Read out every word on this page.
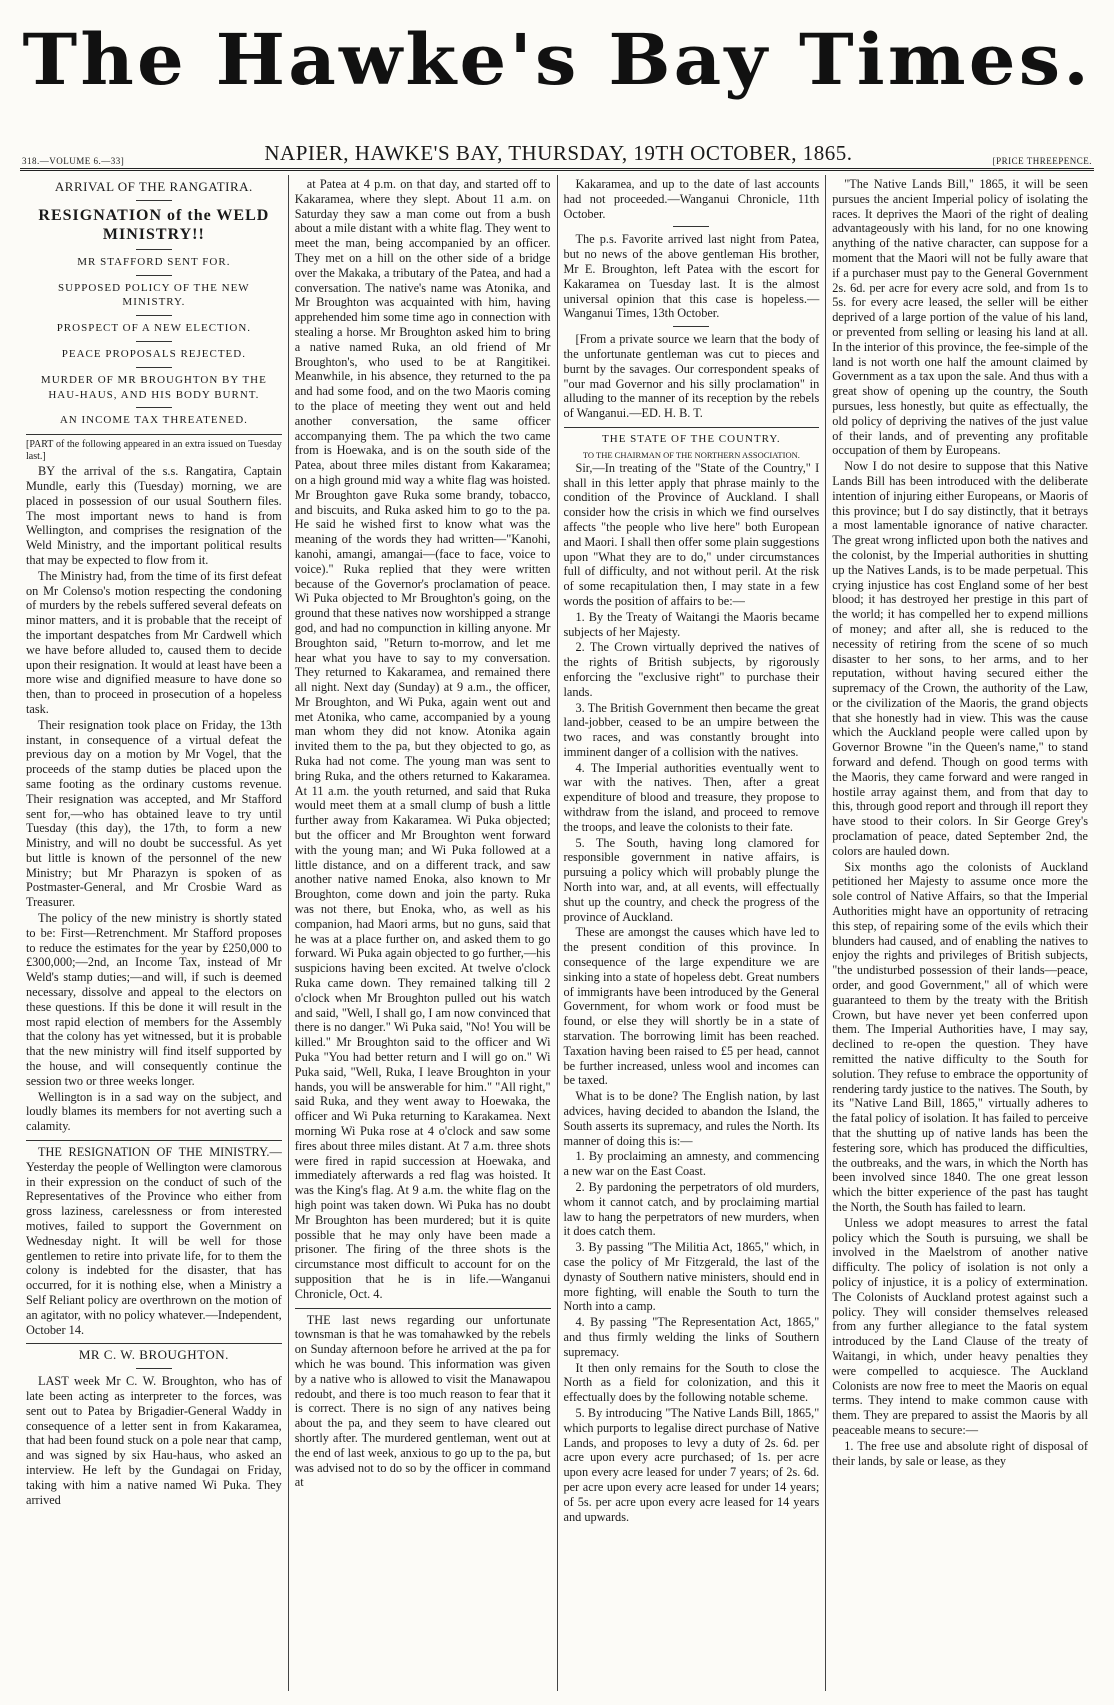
The Hawke's Bay Times.
318.—VOLUME 6.—33]	NAPIER, HAWKE'S BAY, THURSDAY, 19TH OCTOBER, 1865.	[PRICE THREEPENCE.

ARRIVAL OF THE RANGATIRA.

RESIGNATION of the WELD MINISTRY!!

MR STAFFORD SENT FOR.

SUPPOSED POLICY OF THE NEW MINISTRY.

PROSPECT OF A NEW ELECTION.

PEACE PROPOSALS REJECTED.

MURDER OF MR BROUGHTON BY THE HAU-HAUS, AND HIS BODY BURNT.

AN INCOME TAX THREATENED.

[PART of the following appeared in an extra issued on Tuesday last.]

BY the arrival of the s.s. Rangatira, Captain Mundle, early this (Tuesday) morning, we are placed in possession of our usual Southern files. The most important news to hand is from Wellington, and comprises the resignation of the Weld Ministry, and the important political results that may be expected to flow from it.

The Ministry had, from the time of its first defeat on Mr Colenso's motion respecting the condoning of murders by the rebels suffered several defeats on minor matters, and it is probable that the receipt of the important despatches from Mr Cardwell which we have before alluded to, caused them to decide upon their resignation. It would at least have been a more wise and dignified measure to have done so then, than to proceed in prosecution of a hopeless task.

Their resignation took place on Friday, the 13th instant, in consequence of a virtual defeat the previous day on a motion by Mr Vogel, that the proceeds of the stamp duties be placed upon the same footing as the ordinary customs revenue. Their resignation was accepted, and Mr Stafford sent for,—who has obtained leave to try until Tuesday (this day), the 17th, to form a new Ministry, and will no doubt be successful. As yet but little is known of the personnel of the new Ministry; but Mr Pharazyn is spoken of as Postmaster-General, and Mr Crosbie Ward as Treasurer.

The policy of the new ministry is shortly stated to be: First—Retrenchment. Mr Stafford proposes to reduce the estimates for the year by £250,000 to £300,000;—2nd, an Income Tax, instead of Mr Weld's stamp duties;—and will, if such is deemed necessary, dissolve and appeal to the electors on these questions. If this be done it will result in the most rapid election of members for the Assembly that the colony has yet witnessed, but it is probable that the new ministry will find itself supported by the house, and will consequently continue the session two or three weeks longer.

Wellington is in a sad way on the subject, and loudly blames its members for not averting such a calamity.

THE RESIGNATION OF THE MINISTRY.—Yesterday the people of Wellington were clamorous in their expression on the conduct of such of the Representatives of the Province who either from gross laziness, carelessness or from interested motives, failed to support the Government on Wednesday night. It will be well for those gentlemen to retire into private life, for to them the colony is indebted for the disaster, that has occurred, for it is nothing else, when a Ministry a Self Reliant policy are overthrown on the motion of an agitator, with no policy whatever.—Independent, October 14.

MR C. W. BROUGHTON.

LAST week Mr C. W. Broughton, who has of late been acting as interpreter to the forces, was sent out to Patea by Brigadier-General Waddy in consequence of a letter sent in from Kakaramea, that had been found stuck on a pole near that camp, and was signed by six Hau-haus, who asked an interview. He left by the Gundagai on Friday, taking with him a native named Wi Puka. They arrived

at Patea at 4 p.m. on that day, and started off to Kakaramea, where they slept. About 11 a.m. on Saturday they saw a man come out from a bush about a mile distant with a white flag. They went to meet the man, being accompanied by an officer. They met on a hill on the other side of a bridge over the Makaka, a tributary of the Patea, and had a conversation. The native's name was Atonika, and Mr Broughton was acquainted with him, having apprehended him some time ago in connection with stealing a horse. Mr Broughton asked him to bring a native named Ruka, an old friend of Mr Broughton's, who used to be at Rangitikei. Meanwhile, in his absence, they returned to the pa and had some food, and on the two Maoris coming to the place of meeting they went out and held another conversation, the same officer accompanying them. The pa which the two came from is Hoewaka, and is on the south side of the Patea, about three miles distant from Kakaramea; on a high ground mid way a white flag was hoisted. Mr Broughton gave Ruka some brandy, tobacco, and biscuits, and Ruka asked him to go to the pa. He said he wished first to know what was the meaning of the words they had written—"Kanohi, kanohi, amangi, amangai—(face to face, voice to voice)." Ruka replied that they were written because of the Governor's proclamation of peace. Wi Puka objected to Mr Broughton's going, on the ground that these natives now worshipped a strange god, and had no compunction in killing anyone. Mr Broughton said, "Return to-morrow, and let me hear what you have to say to my conversation. They returned to Kakaramea, and remained there all night. Next day (Sunday) at 9 a.m., the officer, Mr Broughton, and Wi Puka, again went out and met Atonika, who came, accompanied by a young man whom they did not know. Atonika again invited them to the pa, but they objected to go, as Ruka had not come. The young man was sent to bring Ruka, and the others returned to Kakaramea. At 11 a.m. the youth returned, and said that Ruka would meet them at a small clump of bush a little further away from Kakaramea. Wi Puka objected; but the officer and Mr Broughton went forward with the young man; and Wi Puka followed at a little distance, and on a different track, and saw another native named Enoka, also known to Mr Broughton, come down and join the party. Ruka was not there, but Enoka, who, as well as his companion, had Maori arms, but no guns, said that he was at a place further on, and asked them to go forward. Wi Puka again objected to go further,—his suspicions having been excited. At twelve o'clock Ruka came down. They remained talking till 2 o'clock when Mr Broughton pulled out his watch and said, "Well, I shall go, I am now convinced that there is no danger." Wi Puka said, "No! You will be killed." Mr Broughton said to the officer and Wi Puka "You had better return and I will go on." Wi Puka said, "Well, Ruka, I leave Broughton in your hands, you will be answerable for him." "All right," said Ruka, and they went away to Hoewaka, the officer and Wi Puka returning to Karakamea. Next morning Wi Puka rose at 4 o'clock and saw some fires about three miles distant. At 7 a.m. three shots were fired in rapid succession at Hoewaka, and immediately afterwards a red flag was hoisted. It was the King's flag. At 9 a.m. the white flag on the high point was taken down. Wi Puka has no doubt Mr Broughton has been murdered; but it is quite possible that he may only have been made a prisoner. The firing of the three shots is the circumstance most difficult to account for on the supposition that he is in life.—Wanganui Chronicle, Oct. 4.

THE last news regarding our unfortunate townsman is that he was tomahawked by the rebels on Sunday afternoon before he arrived at the pa for which he was bound. This information was given by a native who is allowed to visit the Manawapou redoubt, and there is too much reason to fear that it is correct. There is no sign of any natives being about the pa, and they seem to have cleared out shortly after. The murdered gentleman, went out at the end of last week, anxious to go up to the pa, but was advised not to do so by the officer in command at

Kakaramea, and up to the date of last accounts had not proceeded.—Wanganui Chronicle, 11th October.

The p.s. Favorite arrived last night from Patea, but no news of the above gentleman His brother, Mr E. Broughton, left Patea with the escort for Kakaramea on Tuesday last. It is the almost universal opinion that this case is hopeless.—Wanganui Times, 13th October.

[From a private source we learn that the body of the unfortunate gentleman was cut to pieces and burnt by the savages. Our correspondent speaks of "our mad Governor and his silly proclamation" in alluding to the manner of its reception by the rebels of Wanganui.—ED. H. B. T.

THE STATE OF THE COUNTRY.

TO THE CHAIRMAN OF THE NORTHERN ASSOCIATION.

Sir,—In treating of the "State of the Country," I shall in this letter apply that phrase mainly to the condition of the Province of Auckland. I shall consider how the crisis in which we find ourselves affects "the people who live here" both European and Maori. I shall then offer some plain suggestions upon "What they are to do," under circumstances full of difficulty, and not without peril. At the risk of some recapitulation then, I may state in a few words the position of affairs to be:—

1. By the Treaty of Waitangi the Maoris became subjects of her Majesty.

2. The Crown virtually deprived the natives of the rights of British subjects, by rigorously enforcing the "exclusive right" to purchase their lands.

3. The British Government then became the great land-jobber, ceased to be an umpire between the two races, and was constantly brought into imminent danger of a collision with the natives.

4. The Imperial authorities eventually went to war with the natives. Then, after a great expenditure of blood and treasure, they propose to withdraw from the island, and proceed to remove the troops, and leave the colonists to their fate.

5. The South, having long clamored for responsible government in native affairs, is pursuing a policy which will probably plunge the North into war, and, at all events, will effectually shut up the country, and check the progress of the province of Auckland.

These are amongst the causes which have led to the present condition of this province. In consequence of the large expenditure we are sinking into a state of hopeless debt. Great numbers of immigrants have been introduced by the General Government, for whom work or food must be found, or else they will shortly be in a state of starvation. The borrowing limit has been reached. Taxation having been raised to £5 per head, cannot be further increased, unless wool and incomes can be taxed.

What is to be done? The English nation, by last advices, having decided to abandon the Island, the South asserts its supremacy, and rules the North. Its manner of doing this is:—

1. By proclaiming an amnesty, and commencing a new war on the East Coast.

2. By pardoning the perpetrators of old murders, whom it cannot catch, and by proclaiming martial law to hang the perpetrators of new murders, when it does catch them.

3. By passing "The Militia Act, 1865," which, in case the policy of Mr Fitzgerald, the last of the dynasty of Southern native ministers, should end in more fighting, will enable the South to turn the North into a camp.

4. By passing "The Representation Act, 1865," and thus firmly welding the links of Southern supremacy.

It then only remains for the South to close the North as a field for colonization, and this it effectually does by the following notable scheme.

5. By introducing "The Native Lands Bill, 1865," which purports to legalise direct purchase of Native Lands, and proposes to levy a duty of 2s. 6d. per acre upon every acre purchased; of 1s. per acre upon every acre leased for under 7 years; of 2s. 6d. per acre upon every acre leased for under 14 years; of 5s. per acre upon every acre leased for 14 years and upwards.

"The Native Lands Bill," 1865, it will be seen pursues the ancient Imperial policy of isolating the races. It deprives the Maori of the right of dealing advantageously with his land, for no one knowing anything of the native character, can suppose for a moment that the Maori will not be fully aware that if a purchaser must pay to the General Government 2s. 6d. per acre for every acre sold, and from 1s to 5s. for every acre leased, the seller will be either deprived of a large portion of the value of his land, or prevented from selling or leasing his land at all. In the interior of this province, the fee-simple of the land is not worth one half the amount claimed by Government as a tax upon the sale. And thus with a great show of opening up the country, the South pursues, less honestly, but quite as effectually, the old policy of depriving the natives of the just value of their lands, and of preventing any profitable occupation of them by Europeans.

Now I do not desire to suppose that this Native Lands Bill has been introduced with the deliberate intention of injuring either Europeans, or Maoris of this province; but I do say distinctly, that it betrays a most lamentable ignorance of native character. The great wrong inflicted upon both the natives and the colonist, by the Imperial authorities in shutting up the Natives Lands, is to be made perpetual. This crying injustice has cost England some of her best blood; it has destroyed her prestige in this part of the world; it has compelled her to expend millions of money; and after all, she is reduced to the necessity of retiring from the scene of so much disaster to her sons, to her arms, and to her reputation, without having secured either the supremacy of the Crown, the authority of the Law, or the civilization of the Maoris, the grand objects that she honestly had in view. This was the cause which the Auckland people were called upon by Governor Browne "in the Queen's name," to stand forward and defend. Though on good terms with the Maoris, they came forward and were ranged in hostile array against them, and from that day to this, through good report and through ill report they have stood to their colors. In Sir George Grey's proclamation of peace, dated September 2nd, the colors are hauled down.

Six months ago the colonists of Auckland petitioned her Majesty to assume once more the sole control of Native Affairs, so that the Imperial Authorities might have an opportunity of retracing this step, of repairing some of the evils which their blunders had caused, and of enabling the natives to enjoy the rights and privileges of British subjects, "the undisturbed possession of their lands—peace, order, and good Government," all of which were guaranteed to them by the treaty with the British Crown, but have never yet been conferred upon them. The Imperial Authorities have, I may say, declined to re-open the question. They have remitted the native difficulty to the South for solution. They refuse to embrace the opportunity of rendering tardy justice to the natives. The South, by its "Native Land Bill, 1865," virtually adheres to the fatal policy of isolation. It has failed to perceive that the shutting up of native lands has been the festering sore, which has produced the difficulties, the outbreaks, and the wars, in which the North has been involved since 1840. The one great lesson which the bitter experience of the past has taught the North, the South has failed to learn.

Unless we adopt measures to arrest the fatal policy which the South is pursuing, we shall be involved in the Maelstrom of another native difficulty. The policy of isolation is not only a policy of injustice, it is a policy of extermination. The Colonists of Auckland protest against such a policy. They will consider themselves released from any further allegiance to the fatal system introduced by the Land Clause of the treaty of Waitangi, in which, under heavy penalties they were compelled to acquiesce. The Auckland Colonists are now free to meet the Maoris on equal terms. They intend to make common cause with them. They are prepared to assist the Maoris by all peaceable means to secure:—

1. The free use and absolute right of disposal of their lands, by sale or lease, as they
